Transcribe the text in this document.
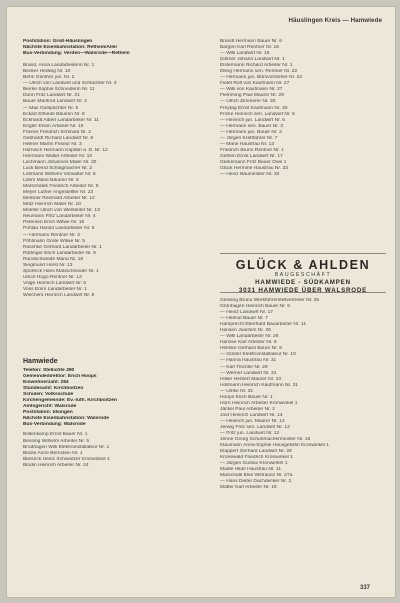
Häuslingen Kreis — Hamwiede
Poststation: Groß-Häuslingen
Nächste Eisenbahnstation: Rethem/Aller
Bus-Verbindung: Verden—Walsrode—Rethem

Brand, Anna Landarbeiterin Nr. 1
Becker Hedwig Nr. 10
Behn Günther jun. Nr. 2
— Ulrich von Landwirt und Schlachter Nr. 3
Bierke Sophie Schneiderin Nr. 11
Dunn Fritz Landwirt Nr. 21
Bauer Manfred Landwirt Nr. 4
— Max Gutspächter Nr. 5
Eckart Elfriede Bäuerin Nr. 8
Eckhardt Albert Landarbeiter Nr. 11
Engler Erwin Arbeiter Nr. 19
Fünner Friedrich Schmied Nr. 2
Gebhardt Richard Landwirt Nr. 8
Hellner Martin Friseur Nr. 3
Harnisch Hermann Kapitän a. D. Nr. 12
Hinrmann Walter Arbeiter Nr. 10
Lachmann Johannes Maler Nr. 20
Luck Bernd Schlagmacher Nr. 2
Lohmann Wilhelm Vorwalter Nr. 8
Lührs Marie Bäuerin Nr. 5
Marschalek Friedrich Arbeiter Nr. 9
Meyer Luther Angestellter Nr. 23
Meißner Reinhard Arbeiter Nr. 12
Metz Heinrich Maler Nr. 10
Moeller Ulrich von Werkleiter Nr. 13
Neumann Fritz Landarbeiter Nr. 4
Petersen Erich Witwe Nr. 18
Pohlau Harold Landarbeiter Nr. 6
— Hermann Rentner Nr. 3
Pöhlmann Grete Witwe Nr. 5
Raschke Gerhard Landarbeiter Nr. 1
Rüttinger Erich Landarbeiter Nr. 9
Rundschweide Maria Nr. 18
Siegmund Horst Nr. 13
Sporleck Hans Maßschneider Nr. 1
Ulrich Hugo Rentner Nr. 13
Volge Heinrich Landwirt Nr. 6
Voss Emm Landarbeiter Nr. 1
Wiechers Heinrich Landwirt Nr. 9
Hamwiede
Telefon: Stellichte 390
Gemeindedirektor: Erich Hoops
Einwohnerzahl: 284
Standesamt: Kirchboitzen
Schulen: Volksschule
Kirchengemeinde: Ev.-luth. Kirchboitzen
Amtsgericht: Walsrode
Poststation: Idsingen
Nächste Eisenbahnstation: Walsrode
Bus-Verbindung: Walsrode
Bollenkamp Ernst Bauer Nr. 1
Bessing Wilhelm Arbeiter Nr. 5
Brodhagen Willi Elektroinstallateur Nr. 1
Bisolo Anne Bernstein Nr. 1
Bliesrick Heinz Schweitzer Kronwinkel 1
Blodin Heinrich Arbeiter Nr. 24
Brandt Hermann Bauer Nr. 6
Bargen Karl Rentner Nr. 16
— Willi Landwirt Nr. 16
Dittmer Johann Landwirt Nr. 1
Elslermann Richard Arbeiter Nr. 1
Elling Hermann sen. Rentner Nr. 22
— Hermann jun. Bürovorsteher Nr. 22
Fietel Rolf von Kaufmann Nr. 27
— Willi von Kaufmann Nr. 27
Flemming Paul Maurer Nr. 29
— Ulrich Zimmerer Nr. 30
Freytag Ernst Kaufmann Nr. 30
Fricke Heinrich sen. Landwirt Nr. 5
— Heinrich jun. Landwirt Nr. 5
— Hermann sen. Bauer Nr. 3
— Hermann jun. Bauer Nr. 3
— Jürgen Kraftfahrer Nr. 7
— Marie Hausfrau Nr. 13
Friedrich Bruno Rentner Nr. 1
Gehlen Ernst Landwirt Nr. 17
Gerkemann Fritz Bauer Owe 1
Glück Hermine Hausfrau Nr. 33
— Heinz Baumeister Nr. 33
GLÜCK & AHLDEN
BAUGESCHÄFT
HAMWIEDE - SÜDKAMPEN
3031 HAMWIEDE ÜBER WALSRODE
Gessing Bruno Werkführerstellvertreter Nr. 25
Grünhagen Heinrich Bauer Nr. 9
— Heinz Landwirt Nr. 17
— Helmut Bauer Nr. 7
Hamprecht Eberhard Bauarbeiter Nr. 11
Hansen Joachim Nr. 26
— Willi Landarbeiter Nr. 26
Hansse Karl Arbeiter Nr. 8
Helmke Gerhard Bauer Nr. 8
— Günter Elektroinstallateur Nr. 10
— Hanna Hausfrau Nr. 31
— Karl Tischler Nr. 29
— Werner Landwirt Nr. 31
Hillier Herbert Maurer Nr. 23
Hollmann Heinrich Kaufmann Nr. 31
— Ulrike Nr. 31
Hoops Erich Bauer Nr. 1
Horn Heinrich Arbeiter Kronwinkel 1
Jäckel Paul Arbeiter Nr. 2
Jost Heinrich Landwirt Nr. 14
— Heinrich jun. Maurer Nr. 14
Jerwig Fritz sen. Landwirt Nr. 12
— Fritz jun. Landwirt Nr. 12
Jenne Georg Schuhmachermeister Nr. 18
Klaumann Anna-Sophie Hausgehilfin Kronwinkel 1
Klappert Gerhard Landwirt Nr. 28
Kronewald Friedrich Kronwinkel 1
— Jürgen Gustav Kronwinkel 1
Madlé Hilde Hausfrau Nr. 11
Marschalk Else Witfrau/in Nr. 27a
— Hans Dieter Dachdecker Nr. 2
Matter Karl Arbeiter Nr. 19
337
